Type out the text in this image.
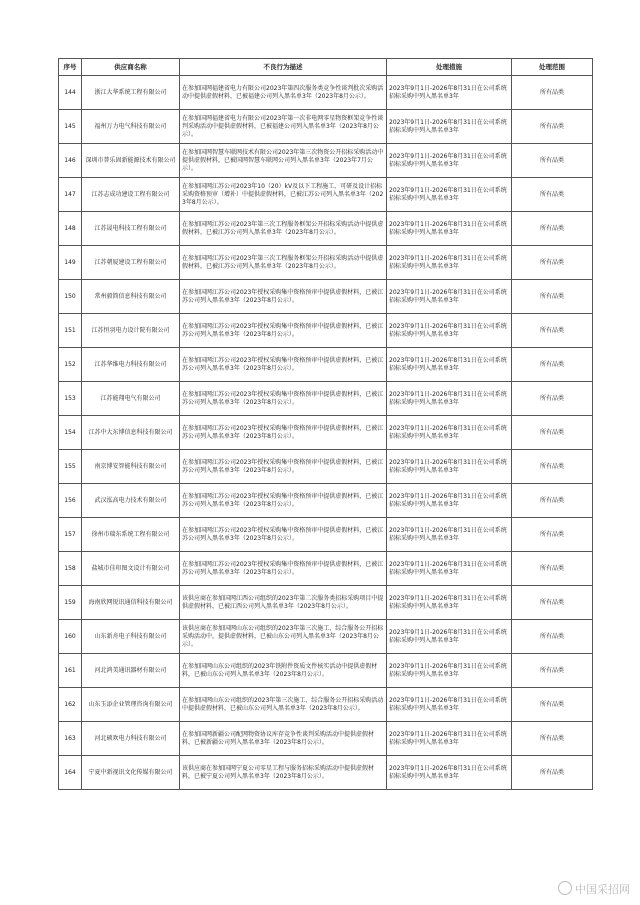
序号	供应商名称	不良行为描述	处理措施	处理范围
144	浙江大华系统工程有限公司	在参加国网福建省电力有限公司2023年第四次服务类竞争性谈判批次采购活动中提供虚假材料，已被福建公司列入黑名单3年（2023年8月公示）。	2023年9月1日-2026年8月31日在公司系统招标采购中列入黑名单3年	所有品类
145	福州万力电气科技有限公司	在参加国网福建省电力有限公司2023年第一次非电网零星物资框架竞争性谈判采购活动中提供虚假材料，已被福建公司列入黑名单3年（2023年8月公示）。	2023年9月1日-2026年8月31日在公司系统招标采购中列入黑名单3年	所有品类
146	深圳市普乐固新能源技术有限公司	在参加国网智慧车联网技术有限公司2023年第三次物资公开招标采购活动中提供虚假材料，已被国网智慧车联网公司列入黑名单3年（2023年7月公示）。	2023年9月1日-2026年8月31日在公司系统招标采购中列入黑名单3年	所有品类
147	江苏志成功建设工程有限公司	在参加国网江苏公司2023年10（20）kV及以下工程施工、可研及设计招标采购资格预审（增补）中提供虚假材料，已被江苏公司列入黑名单3年（2023年8月公示）。	2023年9月1日-2026年8月31日在公司系统招标采购中列入黑名单3年	所有品类
148	江苏晟电科技工程有限公司	在参加国网江苏公司2023年第三次工程服务框架公开招标采购活动中提供虚假材料，已被江苏公司列入黑名单3年（2023年8月公示）。	2023年9月1日-2026年8月31日在公司系统招标采购中列入黑名单3年	所有品类
149	江苏朝厦建设工程有限公司	在参加国网江苏公司2023年第三次工程服务框架公开招标采购活动中提供虚假材料，已被江苏公司列入黑名单3年（2023年8月公示）。	2023年9月1日-2026年8月31日在公司系统招标采购中列入黑名单3年	所有品类
150	常州毅简信息科技有限公司	在参加国网江苏公司2023年授权采购集中资格预审中提供虚假材料，已被江苏公司列入黑名单3年（2023年8月公示）。	2023年9月1日-2026年8月31日在公司系统招标采购中列入黑名单3年	所有品类
151	江苏恒羽电力设计院有限公司	在参加国网江苏公司2023年授权采购集中资格预审中提供虚假材料，已被江苏公司列入黑名单3年（2023年8月公示）。	2023年9月1日-2026年8月31日在公司系统招标采购中列入黑名单3年	所有品类
152	江苏华维电力科技有限公司	在参加国网江苏公司2023年授权采购集中资格预审中提供虚假材料，已被江苏公司列入黑名单3年（2023年8月公示）。	2023年9月1日-2026年8月31日在公司系统招标采购中列入黑名单3年	所有品类
153	江苏能翔电气有限公司	在参加国网江苏公司2023年授权采购集中资格预审中提供虚假材料，已被江苏公司列入黑名单3年（2023年8月公示）。	2023年9月1日-2026年8月31日在公司系统招标采购中列入黑名单3年	所有品类
154	江苏中大东博信息科技有限公司	在参加国网江苏公司2023年授权采购集中资格预审中提供虚假材料，已被江苏公司列入黑名单3年（2023年8月公示）。	2023年9月1日-2026年8月31日在公司系统招标采购中列入黑名单3年	所有品类
155	南京博安智能科技有限公司	在参加国网江苏公司2023年授权采购集中资格预审中提供虚假材料，已被江苏公司列入黑名单3年（2023年8月公示）。	2023年9月1日-2026年8月31日在公司系统招标采购中列入黑名单3年	所有品类
156	武汉泓高电力技术有限公司	在参加国网江苏公司2023年授权采购集中资格预审中提供虚假材料，已被江苏公司列入黑名单3年（2023年8月公示）。	2023年9月1日-2026年8月31日在公司系统招标采购中列入黑名单3年	所有品类
157	徐州市瑞东系统工程有限公司	在参加国网江苏公司2023年授权采购集中资格预审中提供虚假材料，已被江苏公司列入黑名单3年（2023年8月公示）。	2023年9月1日-2026年8月31日在公司系统招标采购中列入黑名单3年	所有品类
158	盐城市佳印图文设计有限公司	在参加国网江苏公司2023年授权采购集中资格预审中提供虚假材料，已被江苏公司列入黑名单3年（2023年8月公示）。	2023年9月1日-2026年8月31日在公司系统招标采购中列入黑名单3年	所有品类
159	海南欣网锐讯通信科技有限公司	该供应商在参加国网江西公司组织的2023年第二次服务类招标采购项目中提供虚假材料，已被江西公司列入黑名单3年（2023年8月公示）。	2023年9月1日-2026年8月31日在公司系统招标采购中列入黑名单3年	所有品类
160	山东新舟电子科技有限公司	该供应商在参加国网山东公司组织的2023年第三次施工、综合服务公开招标采购活动中，提供虚假材料，已被山东公司列入黑名单3年（2023年8月公示）。	2023年9月1日-2026年8月31日在公司系统招标采购中列入黑名单3年	所有品类
161	河北鸿美通讯器材有限公司	在参加国网山东公司组织的2023年铁附件资质文件核实活动中提供虚假材料，已被山东公司列入黑名单3年（2023年8月公示）。	2023年9月1日-2026年8月31日在公司系统招标采购中列入黑名单3年	所有品类
162	山东玉添企业管理咨询有限公司	在参加国网山东公司组织的2023年第三次施工、综合服务公开招标采购活动中提供虚假材料，已被山东公司列入黑名单3年（2023年8月公示）。	2023年9月1日-2026年8月31日在公司系统招标采购中列入黑名单3年	所有品类
163	河北硕欢电力科技有限公司	在参加国网新疆公司配网物资协议库存竞争性谈判采购活动中提供虚假材料，已被新疆公司列入黑名单3年（2023年8月公示）。	2023年9月1日-2026年8月31日在公司系统招标采购中列入黑名单3年	所有品类
164	宁夏中新视讯文化传媒有限公司	该供应商在参加国网宁夏公司零星工程与服务招标采购活动中提供虚假材料，已被宁夏公司列入黑名单3年（2023年8月公示）。	2023年9月1日-2026年8月31日在公司系统招标采购中列入黑名单3年	所有品类
中国采招网
